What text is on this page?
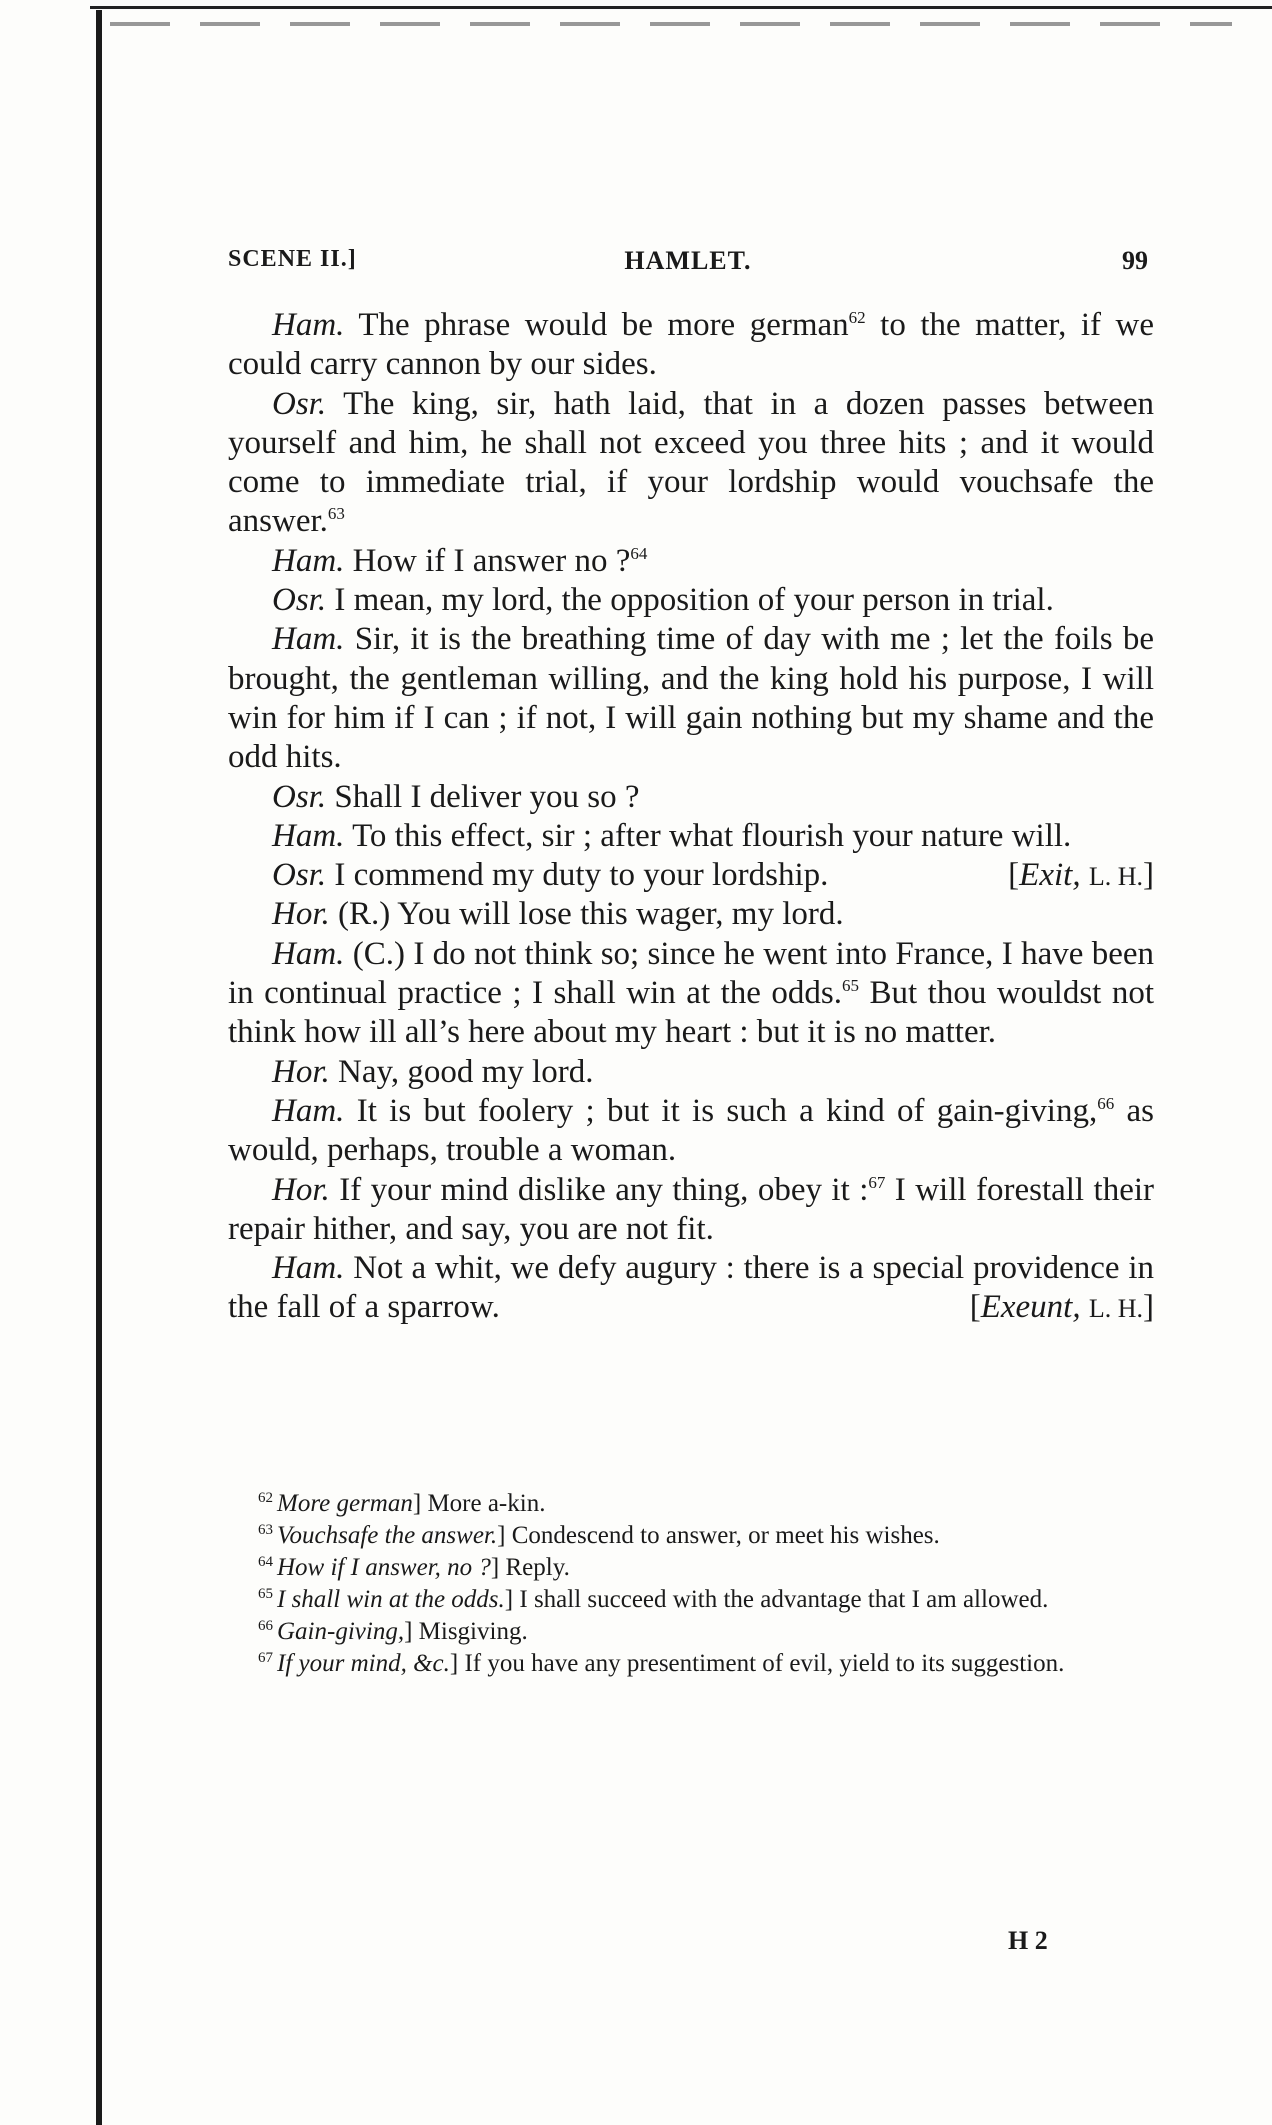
SCENE II.]	HAMLET.	99

Ham. The phrase would be more german$^{62}$ to the matter, if we could carry cannon by our sides.

Osr. The king, sir, hath laid, that in a dozen passes between yourself and him, he shall not exceed you three hits ; and it would come to immediate trial, if your lordship would vouchsafe the answer.$^{63}$

Ham. How if I answer no ?$^{64}$

Osr. I mean, my lord, the opposition of your person in trial.

Ham. Sir, it is the breathing time of day with me ; let the foils be brought, the gentleman willing, and the king hold his purpose, I will win for him if I can ; if not, I will gain nothing but my shame and the odd hits.

Osr. Shall I deliver you so ?

Ham. To this effect, sir ; after what flourish your nature will.

Osr. I commend my duty to your lordship.	[Exit, L. H.]

Hor. (R.) You will lose this wager, my lord.

Ham. (C.) I do not think so; since he went into France, I have been in continual practice ; I shall win at the odds.$^{65}$ But thou wouldst not think how ill all’s here about my heart : but it is no matter.

Hor. Nay, good my lord.

Ham. It is but foolery ; but it is such a kind of gain-giving,$^{66}$ as would, perhaps, trouble a woman.

Hor. If your mind dislike any thing, obey it :$^{67}$ I will forestall their repair hither, and say, you are not fit.

Ham. Not a whit, we defy augury : there is a special providence in the fall of a sparrow.	[Exeunt, L. H.]

$^{62}$ More german] More a-kin.

$^{63}$ Vouchsafe the answer.] Condescend to answer, or meet his wishes.

$^{64}$ How if I answer, no ?] Reply.

$^{65}$ I shall win at the odds.] I shall succeed with the advantage that I am allowed.

$^{66}$ Gain-giving,] Misgiving.

$^{67}$ If your mind, &c.] If you have any presentiment of evil, yield to its suggestion.

H 2
